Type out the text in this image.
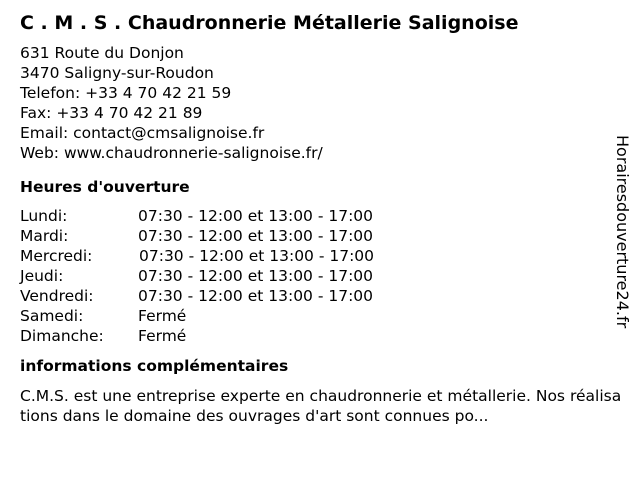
C . M . S . Chaudronnerie Métallerie Salignoise
631 Route du Donjon
3470 Saligny-sur-Roudon
Telefon: +33 4 70 42 21 59
Fax: +33 4 70 42 21 89
Email: contact@cmsalignoise.fr
Web: www.chaudronnerie-salignoise.fr/
Heures d'ouverture
Lundi:	07:30 - 12:00 et 13:00 - 17:00
Mardi:	07:30 - 12:00 et 13:00 - 17:00
Mercredi:	07:30 - 12:00 et 13:00 - 17:00
Jeudi:	07:30 - 12:00 et 13:00 - 17:00
Vendredi:	07:30 - 12:00 et 13:00 - 17:00
Samedi:	Fermé
Dimanche: Fermé
informations complémentaires
C.M.S. est une entreprise experte en chaudronnerie et métallerie. Nos réalisations dans le domaine des ouvrages d'art sont connues po...
Horairesdouverture24.fr
